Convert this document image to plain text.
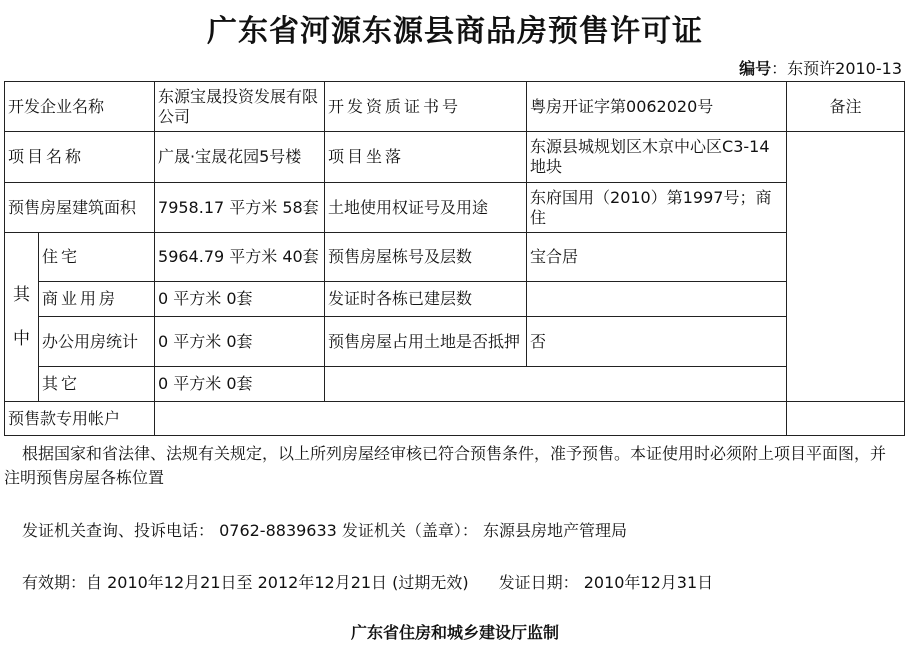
广东省河源东源县商品房预售许可证
编号：东预许2010-13
开发企业名称		东源宝晟投资发展有限公司	开发资质证书号	粤房开证字第0062020号	备注
项目名称		广晟·宝晟花园5号楼	项目坐落	东源县城规划区木京中心区C3-14地块	
预售房屋建筑面积		7958.17 平方米 58套	土地使用权证号及用途	东府国用（2010）第1997号；商住	
其中	住宅	5964.79 平方米 40套	预售房屋栋号及层数	宝合居	
	商业用房	0 平方米 0套	发证时各栋已建层数		
	办公用房统计	0 平方米 0套	预售房屋占用土地是否抵押	否	
	其它	0 平方米 0套			
预售款专用帐户					
根据国家和省法律、法规有关规定，以上所列房屋经审核已符合预售条件，准予预售。本证使用时必须附上项目平面图，并注明预售房屋各栋位置
发证机关查询、投诉电话： 0762-8839633 发证机关（盖章）： 东源县房地产管理局
有效期：自 2010年12月21日至 2012年12月21日 (过期无效) 发证日期： 2010年12月31日
广东省住房和城乡建设厅监制
